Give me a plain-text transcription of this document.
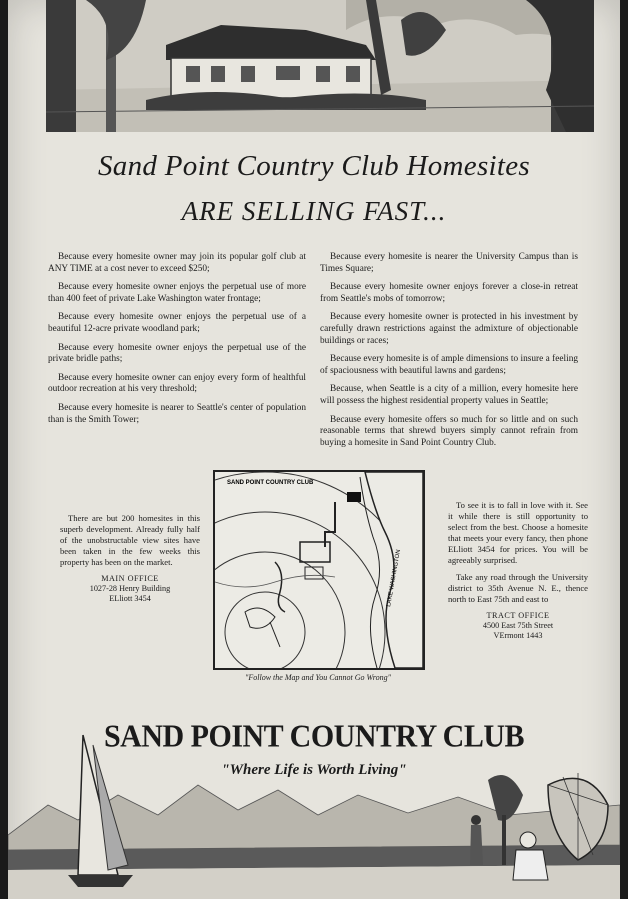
Sand Point Country Club Homesites
ARE SELLING FAST...

Because every homesite owner may join its popular golf club at ANY TIME at a cost never to exceed $250;

Because every homesite owner enjoys the perpetual use of more than 400 feet of private Lake Washington water frontage;

Because every homesite owner enjoys the perpetual use of a beautiful 12-acre private woodland park;

Because every homesite owner enjoys the perpetual use of the private bridle paths;

Because every homesite owner can enjoy every form of healthful outdoor recreation at his very threshold;

Because every homesite is nearer to Seattle's center of population than is the Smith Tower;

Because every homesite is nearer the University Campus than is Times Square;

Because every homesite owner enjoys forever a close-in retreat from Seattle's mobs of tomorrow;

Because every homesite owner is protected in his investment by carefully drawn restrictions against the admixture of objectionable buildings or races;

Because every homesite is of ample dimensions to insure a feeling of spaciousness with beautiful lawns and gardens;

Because, when Seattle is a city of a million, every homesite here will possess the highest residential property values in Seattle;

Because every homesite offers so much for so little and on such reasonable terms that shrewd buyers simply cannot refrain from buying a homesite in Sand Point Country Club.

There are but 200 homesites in this superb development. Already fully half of the unobstructable view sites have been taken in the few weeks this property has been on the market.

MAIN OFFICE
1027-28 Henry Building
ELliott 3454
SAND POINT COUNTRY CLUB
LAKE WASHINGTON
"Follow the Map and You Cannot Go Wrong"

To see it is to fall in love with it. See it while there is still opportunity to select from the best. Choose a homesite that meets your every fancy, then phone ELliott 3454 for prices. You will be agreeably surprised.

Take any road through the University district to 35th Avenue N. E., thence north to East 75th and east to

TRACT OFFICE
4500 East 75th Street
VErmont 1443
SAND POINT COUNTRY CLUB
"Where Life is Worth Living"
